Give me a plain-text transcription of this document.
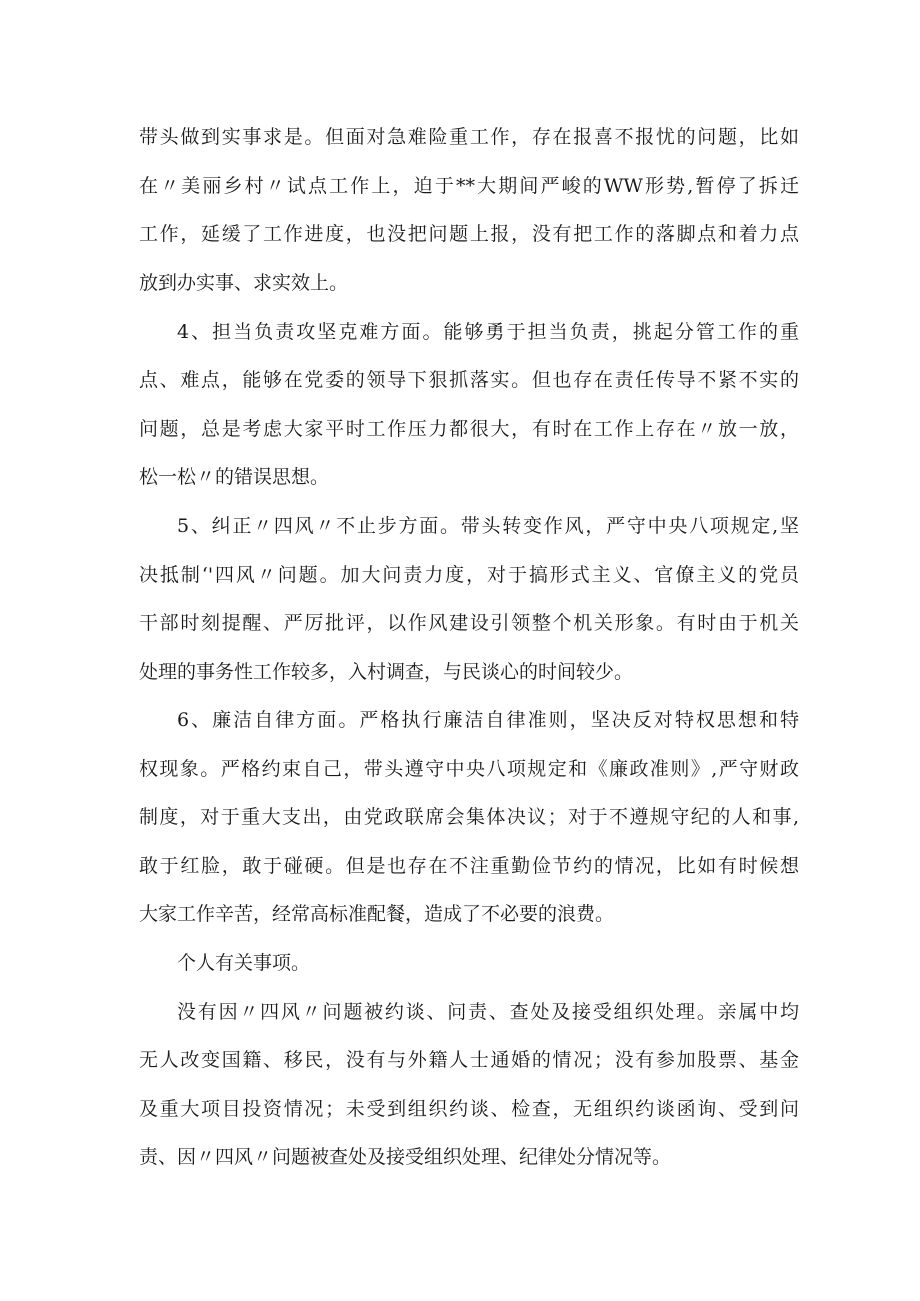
带头做到实事求是。但面对急难险重工作，存在报喜不报忧的问题，比如

在〃美丽乡村〃试点工作上，迫于**大期间严峻的WW形势,暂停了拆迁

工作，延缓了工作进度，也没把问题上报，没有把工作的落脚点和着力点

放到办实事、求实效上。

4、担当负责攻坚克难方面。能够勇于担当负责，挑起分管工作的重

点、难点，能够在党委的领导下狠抓落实。但也存在责任传导不紧不实的

问题，总是考虑大家平时工作压力都很大，有时在工作上存在〃放一放，

松一松〃的错误思想。

5、纠正〃四风〃不止步方面。带头转变作风，严守中央八项规定,坚

决抵制‘'四风〃问题。加大问责力度，对于搞形式主义、官僚主义的党员

干部时刻提醒、严厉批评，以作风建设引领整个机关形象。有时由于机关

处理的事务性工作较多，入村调查，与民谈心的时间较少。

6、廉洁自律方面。严格执行廉洁自律准则，坚决反对特权思想和特

权现象。严格约束自己，带头遵守中央八项规定和《廉政准则》,严守财政

制度，对于重大支出，由党政联席会集体决议；对于不遵规守纪的人和事,

敢于红脸，敢于碰硬。但是也存在不注重勤俭节约的情况，比如有时候想

大家工作辛苦，经常高标准配餐，造成了不必要的浪费。

个人有关事项。

没有因〃四风〃问题被约谈、问责、查处及接受组织处理。亲属中均

无人改变国籍、移民，没有与外籍人士通婚的情况；没有参加股票、基金

及重大项目投资情况；未受到组织约谈、检查，无组织约谈函询、受到问

责、因〃四风〃问题被查处及接受组织处理、纪律处分情况等。
